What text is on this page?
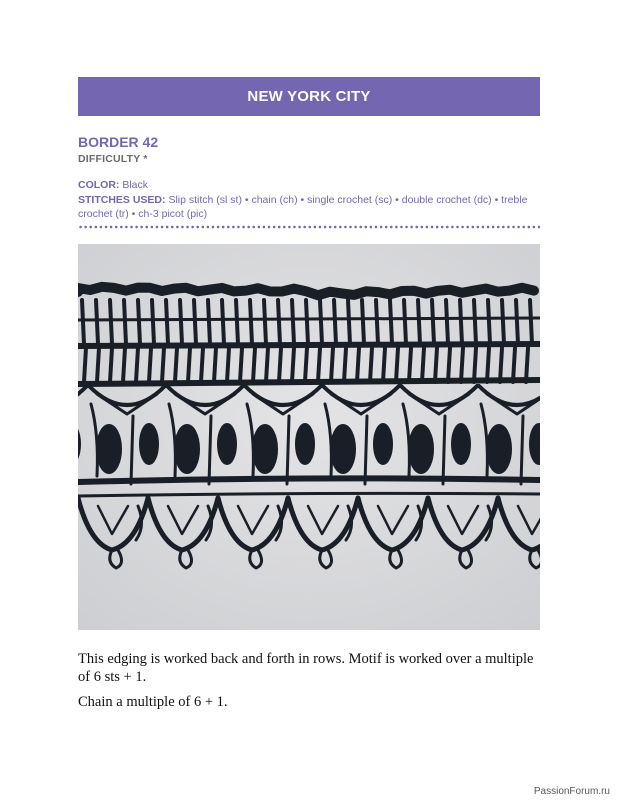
NEW YORK CITY
BORDER 42
DIFFICULTY *
COLOR: Black
STITCHES USED: Slip stitch (sl st) • chain (ch) • single crochet (sc) • double crochet (dc) • treble crochet (tr) • ch-3 picot (pic)

This edging is worked back and forth in rows. Motif is worked over a multiple of 6 sts + 1.

Chain a multiple of 6 + 1.

PassionForum.ru
